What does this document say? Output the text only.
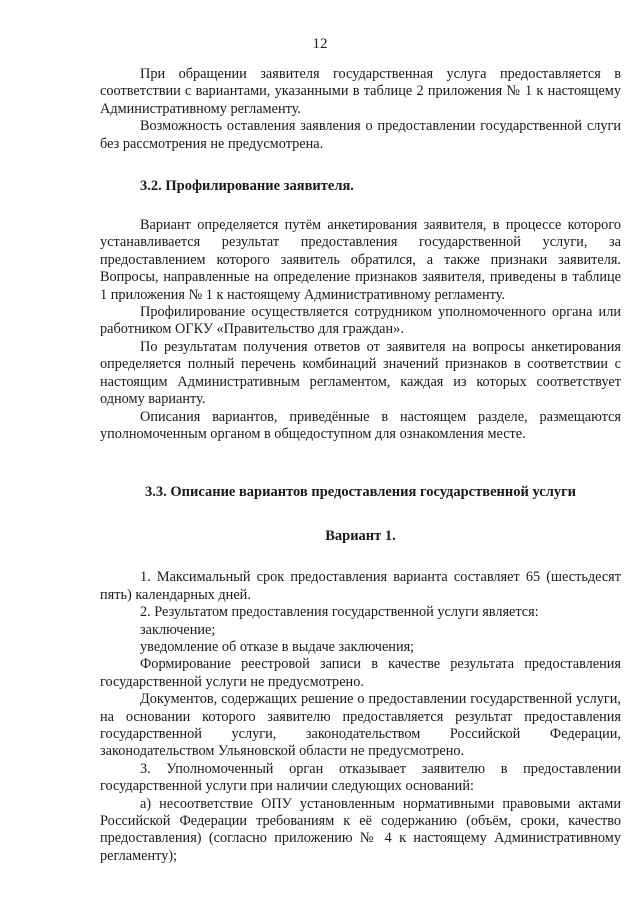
12

При обращении заявителя государственная услуга предоставляется в соответствии с вариантами, указанными в таблице 2 приложения № 1 к настоящему Административному регламенту.

Возможность оставления заявления о предоставлении государственной слуги без рассмотрения не предусмотрена.

3.2. Профилирование заявителя.

Вариант определяется путём анкетирования заявителя, в процессе которого устанавливается результат предоставления государственной услуги, за предоставлением которого заявитель обратился, а также признаки заявителя. Вопросы, направленные на определение признаков заявителя, приведены в таблице 1 приложения № 1 к настоящему Административному регламенту.

Профилирование осуществляется сотрудником уполномоченного органа или работником ОГКУ «Правительство для граждан».

По результатам получения ответов от заявителя на вопросы анкетирования определяется полный перечень комбинаций значений признаков в соответствии с настоящим Административным регламентом, каждая из которых соответствует одному варианту.

Описания вариантов, приведённые в настоящем разделе, размещаются уполномоченным органом в общедоступном для ознакомления месте.

3.3. Описание вариантов предоставления государственной услуги
Вариант 1.

1. Максимальный срок предоставления варианта составляет 65 (шестьдесят пять) календарных дней.

2. Результатом предоставления государственной услуги является:

заключение;

уведомление об отказе в выдаче заключения;

Формирование реестровой записи в качестве результата предоставления государственной услуги не предусмотрено.

Документов, содержащих решение о предоставлении государственной услуги, на основании которого заявителю предоставляется результат предоставления государственной услуги, законодательством Российской Федерации, законодательством Ульяновской области не предусмотрено.

3. Уполномоченный орган отказывает заявителю в предоставлении государственной услуги при наличии следующих оснований:

а) несоответствие ОПУ установленным нормативными правовыми актами Российской Федерации требованиям к её содержанию (объём, сроки, качество предоставления) (согласно приложению № 4 к настоящему Административному регламенту);
